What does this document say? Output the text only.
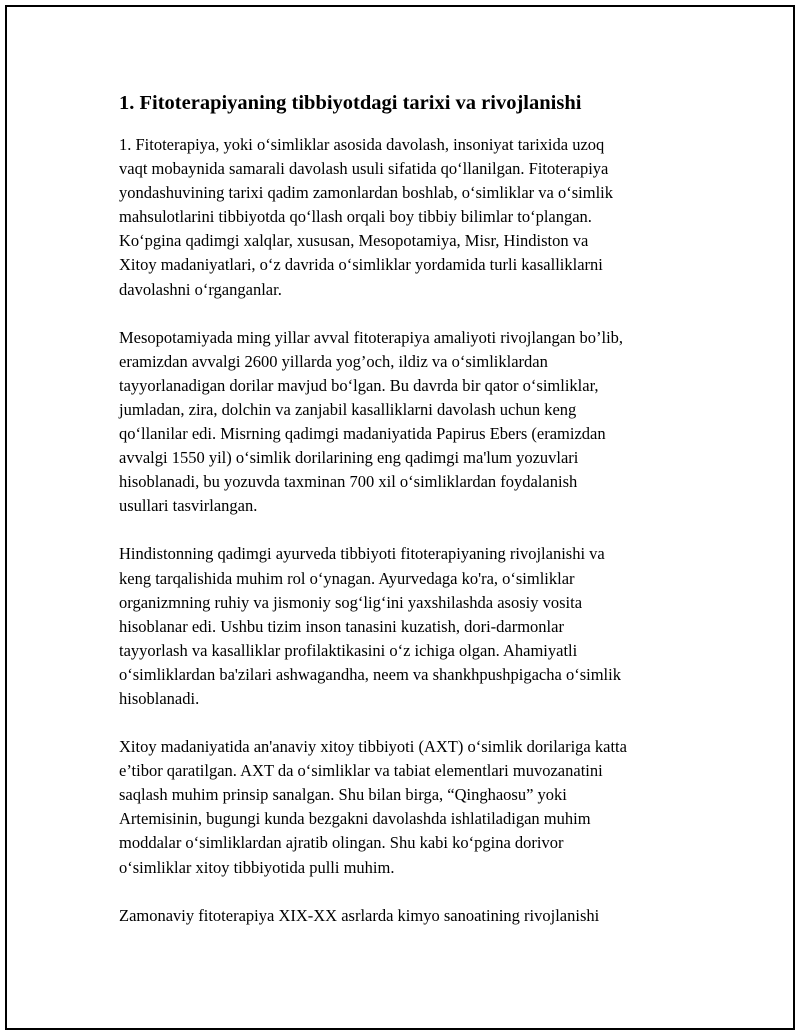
1. Fitoterapiyaning tibbiyotdagi tarixi va rivojlanishi

1. Fitoterapiya, yoki o‘simliklar asosida davolash, insoniyat tarixida uzoq
vaqt mobaynida samarali davolash usuli sifatida qo‘llanilgan. Fitoterapiya
yondashuvining tarixi qadim zamonlardan boshlab, o‘simliklar va o‘simlik
mahsulotlarini tibbiyotda qo‘llash orqali boy tibbiy bilimlar to‘plangan.
Ko‘pgina qadimgi xalqlar, xususan, Mesopotamiya, Misr, Hindiston va
Xitoy madaniyatlari, o‘z davrida o‘simliklar yordamida turli kasalliklarni
davolashni o‘rganganlar.

Mesopotamiyada ming yillar avval fitoterapiya amaliyoti rivojlangan bo’lib,
eramizdan avvalgi 2600 yillarda yog’och, ildiz va o‘simliklardan
tayyorlanadigan dorilar mavjud bo‘lgan. Bu davrda bir qator o‘simliklar,
jumladan, zira, dolchin va zanjabil kasalliklarni davolash uchun keng
qo‘llanilar edi. Misrning qadimgi madaniyatida Papirus Ebers (eramizdan
avvalgi 1550 yil) o‘simlik dorilarining eng qadimgi ma'lum yozuvlari
hisoblanadi, bu yozuvda taxminan 700 xil o‘simliklardan foydalanish
usullari tasvirlangan.

Hindistonning qadimgi ayurveda tibbiyoti fitoterapiyaning rivojlanishi va
keng tarqalishida muhim rol o‘ynagan. Ayurvedaga ko'ra, o‘simliklar
organizmning ruhiy va jismoniy sog‘lig‘ini yaxshilashda asosiy vosita
hisoblanar edi. Ushbu tizim inson tanasini kuzatish, dori-darmonlar
tayyorlash va kasalliklar profilaktikasini o‘z ichiga olgan. Ahamiyatli
o‘simliklardan ba'zilari ashwagandha, neem va shankhpushpigacha o‘simlik
hisoblanadi.

Xitoy madaniyatida an'anaviy xitoy tibbiyoti (AXT) o‘simlik dorilariga katta
e’tibor qaratilgan. AXT da o‘simliklar va tabiat elementlari muvozanatini
saqlash muhim prinsip sanalgan. Shu bilan birga, “Qinghaosu” yoki
Artemisinin, bugungi kunda bezgakni davolashda ishlatiladigan muhim
moddalar o‘simliklardan ajratib olingan. Shu kabi ko‘pgina dorivor
o‘simliklar xitoy tibbiyotida pulli muhim.

Zamonaviy fitoterapiya XIX-XX asrlarda kimyo sanoatining rivojlanishi
